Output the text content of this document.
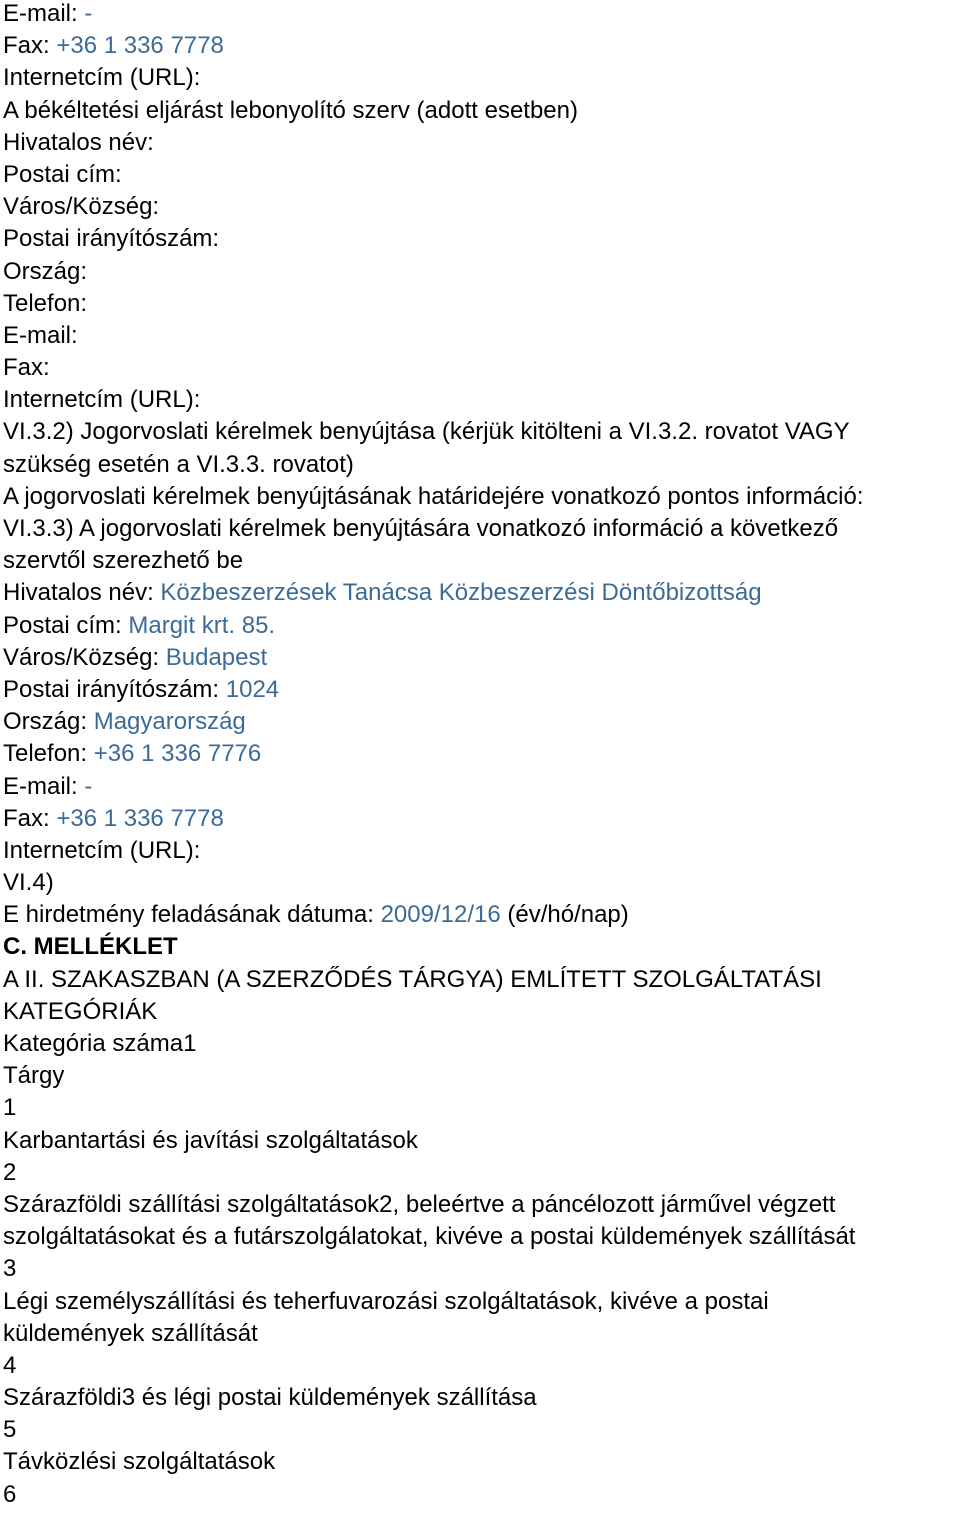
E-mail: -
Fax: +36 1 336 7778
Internetcím (URL):
A békéltetési eljárást lebonyolító szerv (adott esetben)
Hivatalos név:
Postai cím:
Város/Község:
Postai irányítószám:
Ország:
Telefon:
E-mail:
Fax:
Internetcím (URL):
VI.3.2) Jogorvoslati kérelmek benyújtása (kérjük kitölteni a VI.3.2. rovatot VAGY
szükség esetén a VI.3.3. rovatot)
A jogorvoslati kérelmek benyújtásának határidejére vonatkozó pontos információ:
VI.3.3) A jogorvoslati kérelmek benyújtására vonatkozó információ a következő
szervtől szerezhető be
Hivatalos név: Közbeszerzések Tanácsa Közbeszerzési Döntőbizottság
Postai cím: Margit krt. 85.
Város/Község: Budapest
Postai irányítószám: 1024
Ország: Magyarország
Telefon: +36 1 336 7776
E-mail: -
Fax: +36 1 336 7778
Internetcím (URL):
VI.4)
E hirdetmény feladásának dátuma: 2009/12/16 (év/hó/nap)
C. MELLÉKLET
A II. SZAKASZBAN (A SZERZŐDÉS TÁRGYA) EMLÍTETT SZOLGÁLTATÁSI
KATEGÓRIÁK
Kategória száma1
Tárgy
1
Karbantartási és javítási szolgáltatások
2
Szárazföldi szállítási szolgáltatások2, beleértve a páncélozott járművel végzett
szolgáltatásokat és a futárszolgálatokat, kivéve a postai küldemények szállítását
3
Légi személyszállítási és teherfuvarozási szolgáltatások, kivéve a postai
küldemények szállítását
4
Szárazföldi3 és légi postai küldemények szállítása
5
Távközlési szolgáltatások
6
